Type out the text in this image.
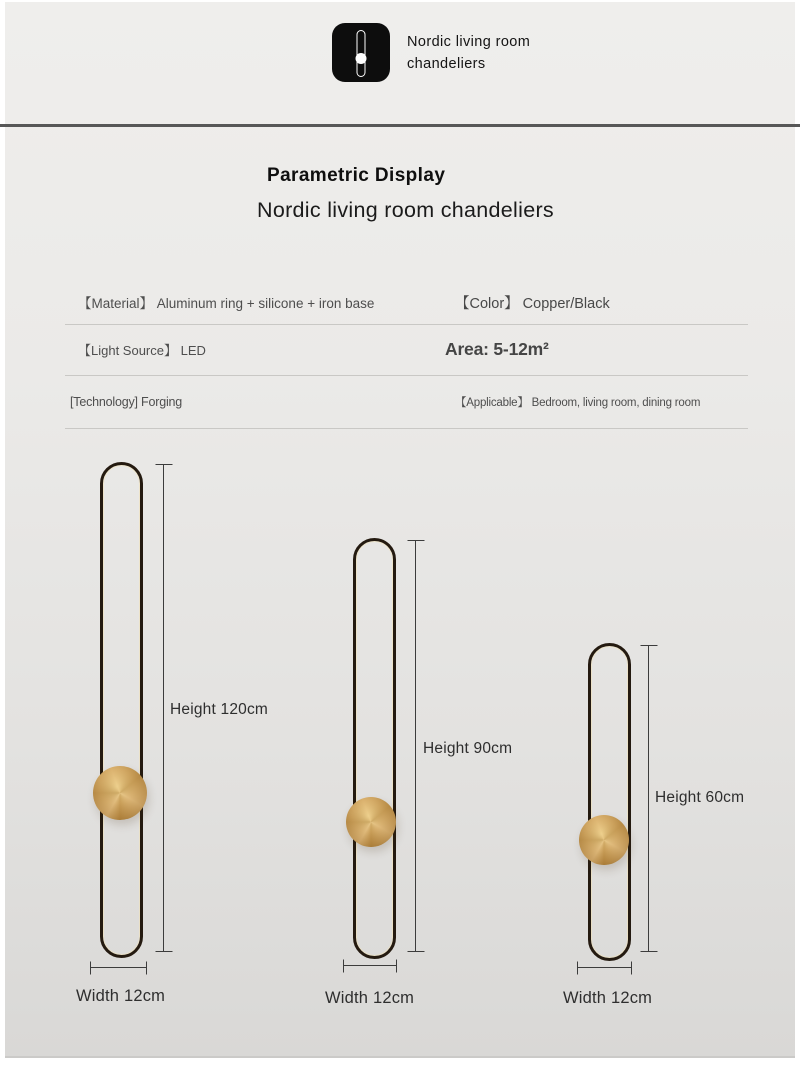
Nordic living room
chandeliers
Parametric Display
Nordic living room chandeliers
【Material】 Aluminum ring + silicone + iron base	【Color】 Copper/Black
【Light Source】 LED	Area: 5-12m²
[Technology] Forging	【Applicable】 Bedroom, living room, dining room
Height 120cm
Width 12cm
Height 90cm
Width 12cm
Height 60cm
Width 12cm
